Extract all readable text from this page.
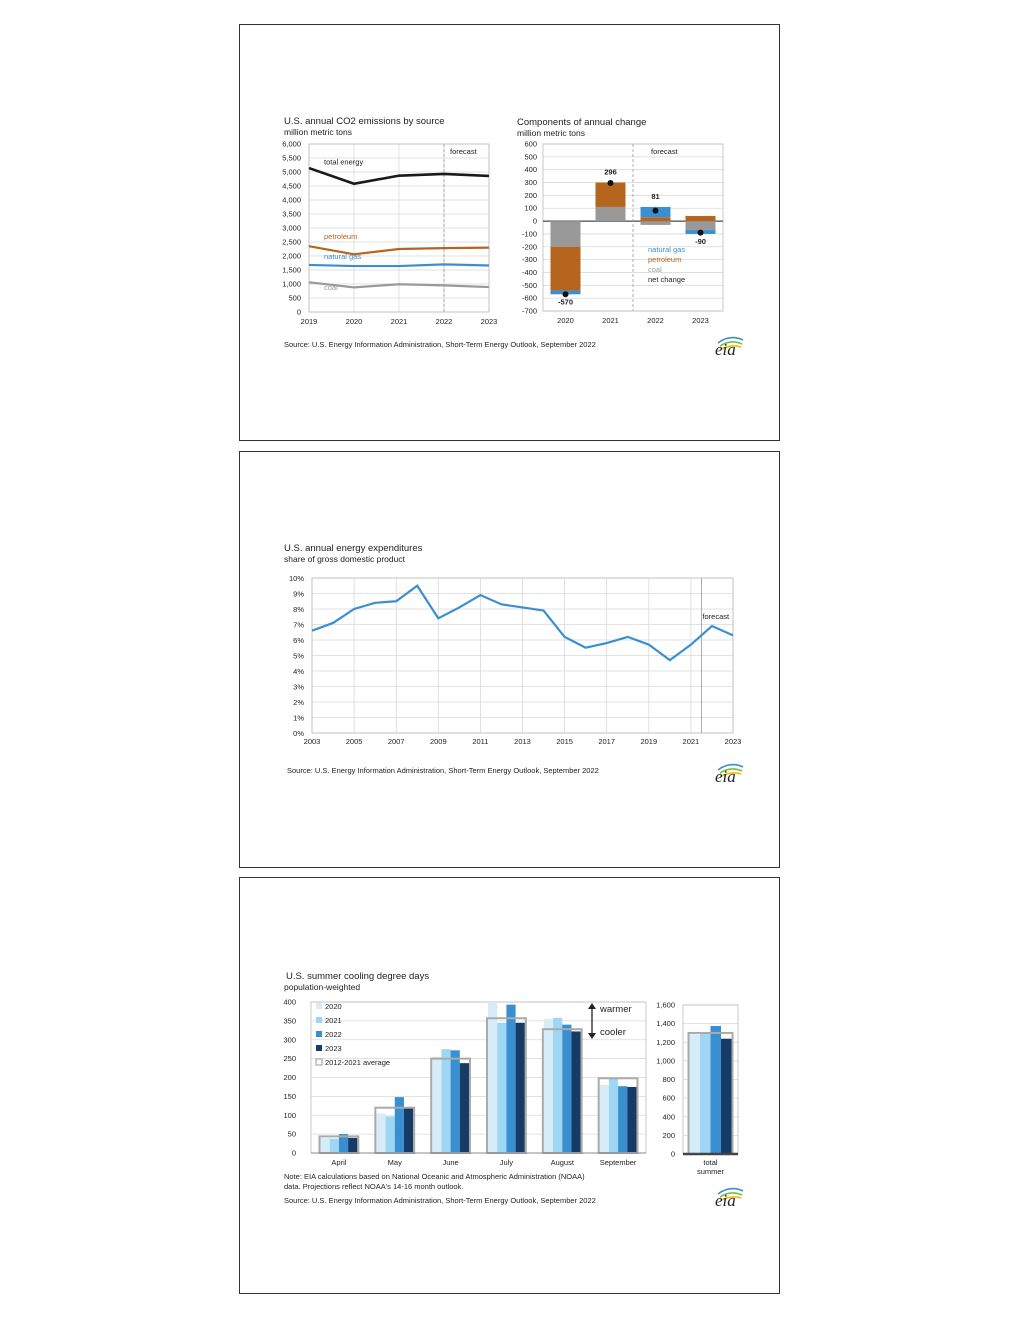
U.S. annual CO2 emissions by source
million metric tons
0
500
1,000
1,500
2,000
2,500
3,000
3,500
4,000
4,500
5,000
5,500
6,000
2019	2020	2021	2022	2023
forecast
total energy
petroleum
natural gas
coal
Components of annual change
million metric tons
-700
-600
-500
-400
-300
-200
-100
0
100
200
300
400
500
600
forecast
-570
2020
296
2021
81
2022
-90
2023
natural gas
petroleum
coal
net change
Source: U.S. Energy Information Administration, Short-Term Energy Outlook, September 2022	eia
U.S. annual energy expenditures
share of gross domestic product
0%
1%
2%
3%
4%
5%
6%
7%
8%
9%
10%
2003	2005	2007	2009	2011	2013	2015	2017	2019	2021	2023
forecast
Source: U.S. Energy Information Administration, Short-Term Energy Outlook, September 2022	eia
U.S. summer cooling degree days
population-weighted
0
50
100
150
200
250
300
350
400
April	May	June	July	August	September
2020
2021
2022
2023
2012-2021 average
warmer
cooler
0
200
400
600
800
1,000
1,200
1,400
1,600
total
summer
Note: EIA calculations based on National Oceanic and Atmospheric Administration (NOAA) data. Projections reflect NOAA's 14-16 month outlook.
Source: U.S. Energy Information Administration, Short-Term Energy Outlook, September 2022	eia
